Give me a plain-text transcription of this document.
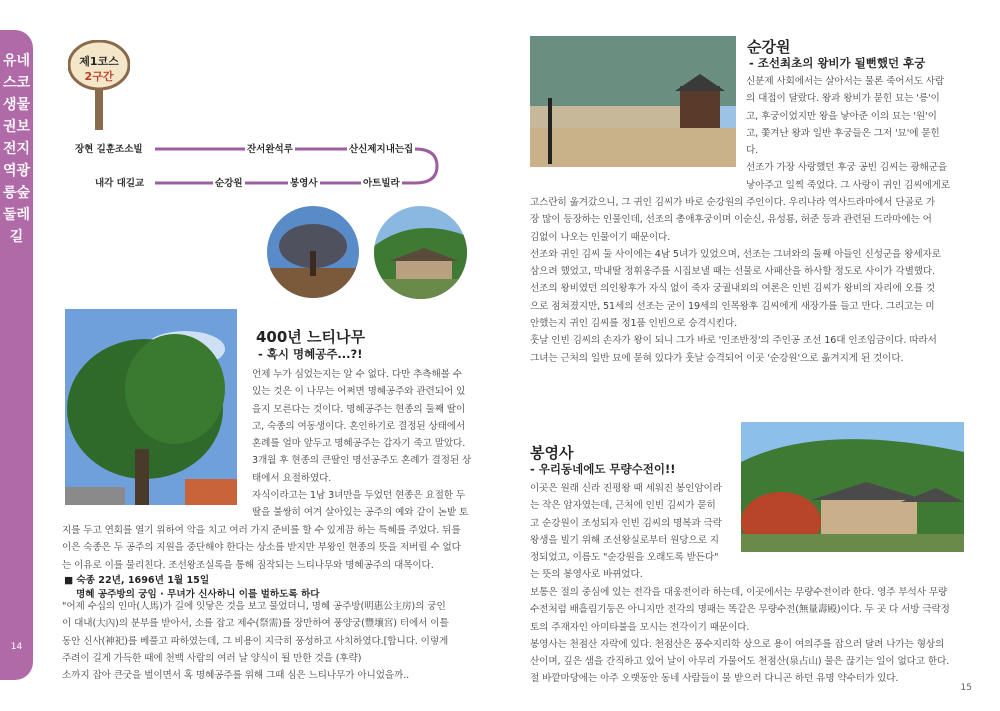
유네스코생물권보전지역광릉숲둘레길
14
제1코스
2구간
장현 길훈조소빌	잔서완석루	산신제지내는집
내각 대길교	순강원	봉영사	아트빌라
400년 느티나무
- 혹시 명혜공주...?!
언제 누가 심었는지는 알 수 없다. 다만 추측해볼 수
있는 것은 이 나무는 어쩌면 명혜공주와 관련되어 있
을지 모른다는 것이다. 명혜공주는 현종의 둘째 딸이
고, 숙종의 여동생이다. 혼인하기로 결정된 상태에서
혼례를 얼마 앞두고 명혜공주는 갑자기 죽고 말았다.
3개월 후 현종의 큰딸인 명선공주도 혼례가 결정된 상
태에서 요절하였다.
자식이라고는 1남 3녀만을 두었던 현종은 요절한 두
딸을 불쌍히 여겨 살아있는 공주의 예와 같이 논밭 토
지를 두고 연회를 열기 위하여 악을 치고 여러 가지 준비를 할 수 있게끔 하는 특혜를 주었다. 뒤를
이은 숙종은 두 공주의 지원을 중단해야 한다는 상소를 받지만 부왕인 현종의 뜻을 저버릴 수 없다
는 이유로 이를 물리친다. 조선왕조실록을 통해 짐작되는 느티나무와 명혜공주의 대목이다.
■ 숙종 22년, 1696년 1월 15일
명혜 공주방의 궁임 · 무녀가 신사하니 이를 벌하도록 하다
"어제 수십의 인마(人馬)가 길에 잇닿은 것을 보고 물었더니, 명혜 공주방(明惠公主房)의 궁인
이 대내(大內)의 분부를 받아서, 소를 잡고 제수(祭需)를 장만하여 풍양궁(豐壤宮) 터에서 이틀
동안 신사(神祀)를 베풀고 파하였는데, 그 비용이 지극히 풍성하고 사치하였다.[합니다. 이렇게
주려이 길게 가득한 때에 천백 사람의 여러 날 양식이 될 만한 것을 (후략)
소까지 잡아 큰굿을 벌이면서 혹 명혜공주를 위해 그때 심은 느티나무가 아니었을까..
순강원
- 조선최초의 왕비가 될뻔했던 후궁
신분제 사회에서는 살아서는 물론 죽어서도 사람
의 대접이 달랐다. 왕과 왕비가 묻힌 묘는 '릉'이
고, 후궁이었지만 왕을 낳아준 이의 묘는 '원'이
고, 쫓겨난 왕과 일반 후궁들은 그저 '묘'에 묻힌
다.
선조가 가장 사랑했던 후궁 공빈 김씨는 광해군을
낳아주고 일찍 죽었다. 그 사랑이 귀인 김씨에게로
고스란히 옮겨갔으니, 그 귀인 김씨가 바로 순강원의 주인이다. 우리나라 역사드라마에서 단골로 가
장 많이 등장하는 인물인데, 선조의 총애후궁이며 이순신, 유성룡, 허준 등과 관련된 드라마에는 어
김없이 나오는 인물이기 때문이다.
선조와 귀인 김씨 둘 사이에는 4남 5녀가 있었으며, 선조는 그녀와의 둘째 아들인 신성군을 왕세자로
삼으려 했었고, 막내딸 정휘옹주를 시집보낼 때는 선물로 사패산을 하사할 정도로 사이가 각별했다.
선조의 왕비였던 의인왕후가 자식 없이 죽자 궁궐내외의 여론은 인빈 김씨가 왕비의 자리에 오를 것
으로 점쳐졌지만, 51세의 선조는 굳이 19세의 인목왕후 김씨에게 새장가를 들고 만다. 그리고는 미
안했는지 귀인 김씨를 정1품 인빈으로 승격시킨다.
훗날 인빈 김씨의 손자가 왕이 되니 그가 바로 '인조반정'의 주인공 조선 16대 인조임금이다. 따라서
그녀는 근처의 일반 묘에 묻혀 있다가 훗날 승격되어 이곳 '순강원'으로 옮겨지게 된 것이다.
봉영사
- 우리동네에도 무량수전이!!
이곳은 원래 신라 진평왕 때 세워진 봉인암이라
는 작은 암자였는데, 근처에 인빈 김씨가 묻히
고 순강원이 조성되자 인빈 김씨의 명복과 극락
왕생을 빌기 위해 조선왕실로부터 원당으로 지
정되었고, 이름도 "순강원을 오래도록 받든다"
는 뜻의 봉영사로 바뀌었다.
보통은 절의 중심에 있는 전각을 대웅전이라 하는데, 이곳에서는 무량수전이라 한다. 영주 부석사 무량
수전처럼 배흘림기둥은 아니지만 전각의 명패는 똑같은 무량수전(無量壽殿)이다. 두 곳 다 서방 극락정
토의 주재자인 아미타불을 모시는 전각이기 때문이다.
봉영사는 천점산 자락에 있다. 천점산은 풍수지리학 상으로 용이 여의주를 잡으러 달려 나가는 형상의
산이며, 깊은 샘을 간직하고 있어 날이 아무리 가물어도 천점산(泉占山) 물은 끊기는 일이 없다고 한다.
절 바깥마당에는 아주 오랫동안 동네 사람들이 물 받으러 다니곤 하던 유명 약수터가 있다.
15
